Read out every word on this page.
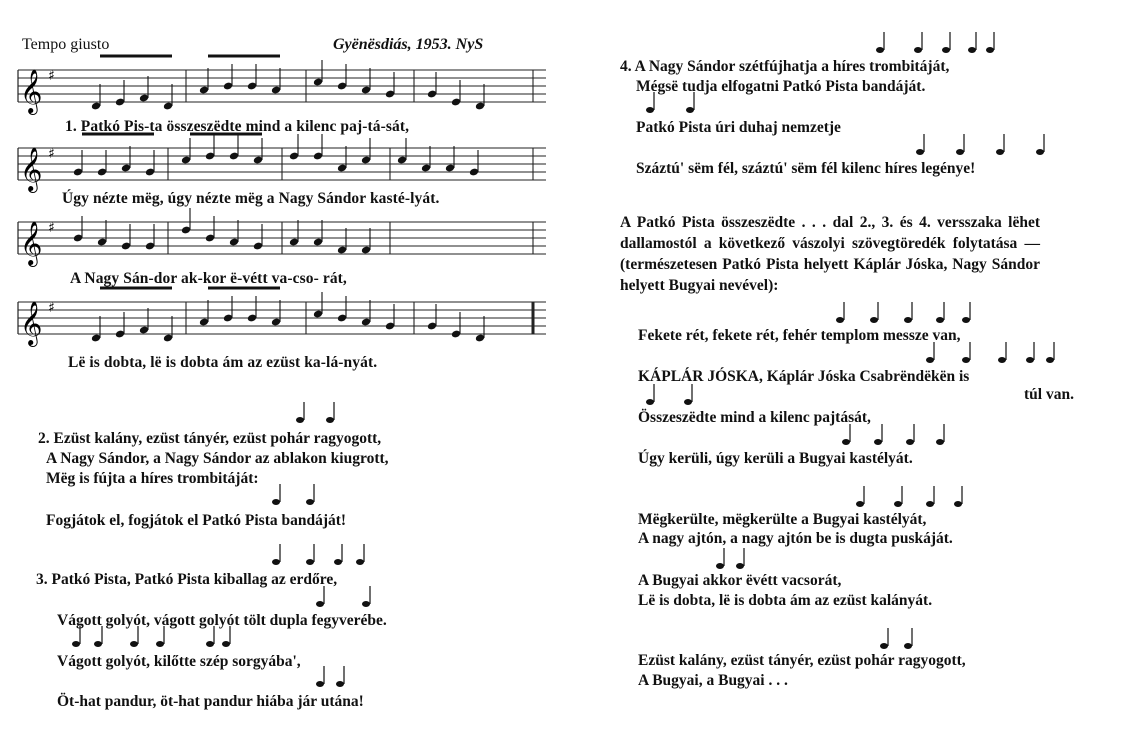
Tempo giusto	Gyënësdiás, 1953. NyS
𝄞 ♯
1. Patkó Pis-ta összeszëdte mind a kilenc paj-tá-sát,
𝄞 ♯
Úgy nézte mëg, úgy nézte mëg a Nagy Sándor kasté-lyát.
𝄞 ♯
A Nagy Sán-dor ak-kor ë-vétt va-cso- rát,
𝄞 ♯
Lë is dobta, lë is dobta ám az ezüst ka-lá-nyát.
2. Ezüst kalány, ezüst tányér, ezüst pohár ragyogott,
A Nagy Sándor, a Nagy Sándor az ablakon kiugrott,
Mëg is fújta a híres trombitáját:
Fogjátok el, fogjátok el Patkó Pista bandáját!
3. Patkó Pista, Patkó Pista kiballag az erdőre,
Vágott golyót, vágott golyót tölt dupla fegyverébe.
Vágott golyót, kilőtte szép sorgyába',
Öt-hat pandur, öt-hat pandur hiába jár utána!
4. A Nagy Sándor szétfújhatja a híres trombitáját,
Mégsë tudja elfogatni Patkó Pista bandáját.
Patkó Pista úri duhaj nemzetje
Száztú' sëm fél, száztú' sëm fél kilenc híres legénye!
A Patkó Pista összeszëdte . . . dal 2., 3. és 4. versszaka lëhet dallamostól a következő vászolyi szövegtöredék folytatása — (természetesen Patkó Pista helyett Káplár Jóska, Nagy Sándor helyett Bugyai nevével):
Fekete rét, fekete rét, fehér templom messze van,
KÁPLÁR JÓSKA, Káplár Jóska Csabrëndëkën is
túl van.
Összeszëdte mind a kilenc pajtását,
Úgy kerüli, úgy kerüli a Bugyai kastélyát.
Mëgkerülte, mëgkerülte a Bugyai kastélyát,
A nagy ajtón, a nagy ajtón be is dugta puskáját.
A Bugyai akkor ëvétt vacsorát,
Lë is dobta, lë is dobta ám az ezüst kalányát.
Ezüst kalány, ezüst tányér, ezüst pohár ragyogott,
A Bugyai, a Bugyai . . .
